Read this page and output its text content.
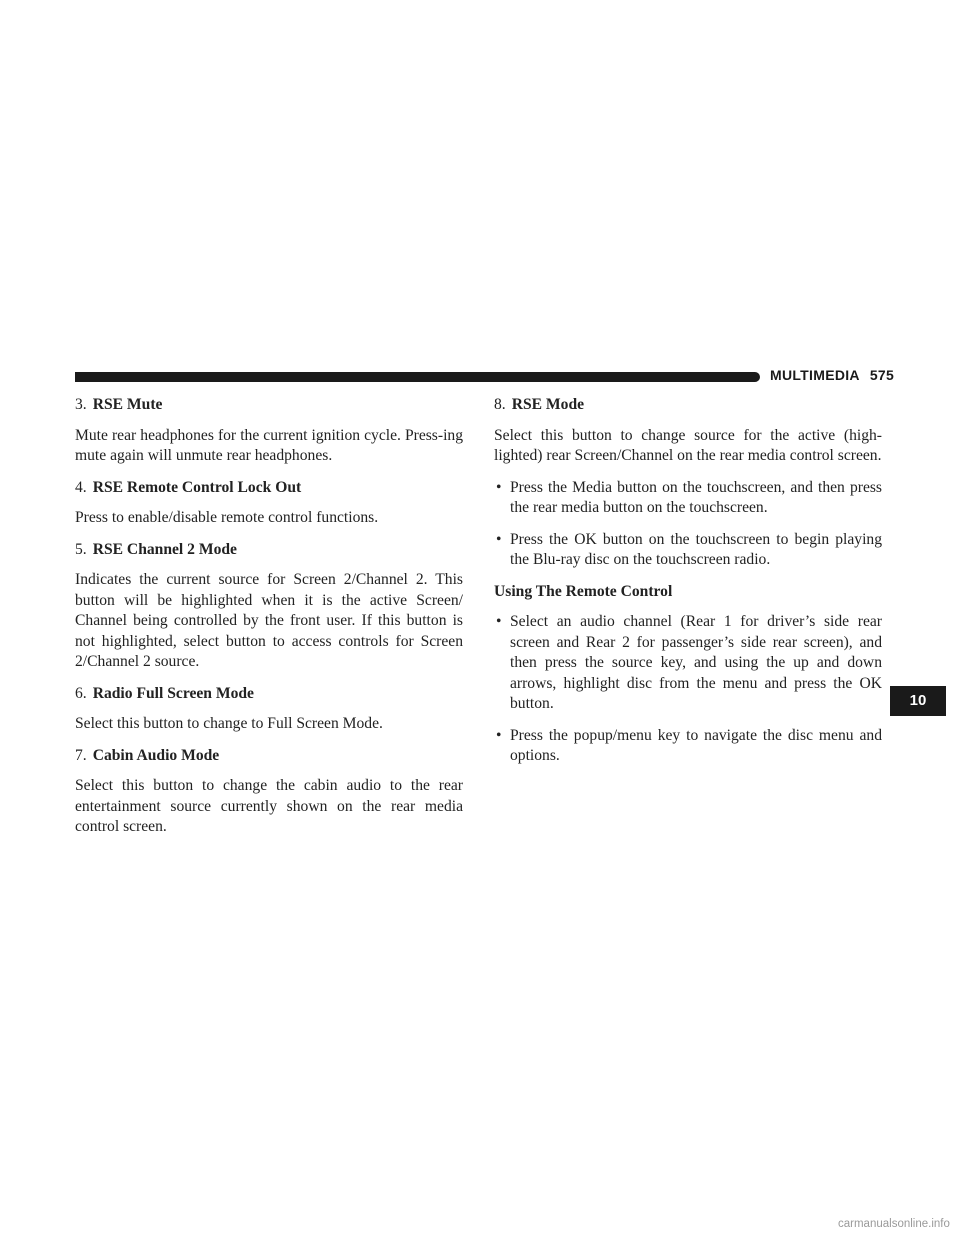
MULTIMEDIA 575

3. RSE Mute

Mute rear headphones for the current ignition cycle. Press-ing mute again will unmute rear headphones.

4. RSE Remote Control Lock Out

Press to enable/disable remote control functions.

5. RSE Channel 2 Mode

Indicates the current source for Screen 2/Channel 2. This button will be highlighted when it is the active Screen/ Channel being controlled by the front user. If this button is not highlighted, select button to access controls for Screen 2/Channel 2 source.

6. Radio Full Screen Mode

Select this button to change to Full Screen Mode.

7. Cabin Audio Mode

Select this button to change the cabin audio to the rear entertainment source currently shown on the rear media control screen.

8. RSE Mode

Select this button to change source for the active (high-lighted) rear Screen/Channel on the rear media control screen.

• Press the Media button on the touchscreen, and then press the rear media button on the touchscreen.
• Press the OK button on the touchscreen to begin playing the Blu-ray disc on the touchscreen radio.

Using The Remote Control

• Select an audio channel (Rear 1 for driver’s side rear screen and Rear 2 for passenger’s side rear screen), and then press the source key, and using the up and down arrows, highlight disc from the menu and press the OK button.
• Press the popup/menu key to navigate the disc menu and options.
10
carmanualsonline.info
